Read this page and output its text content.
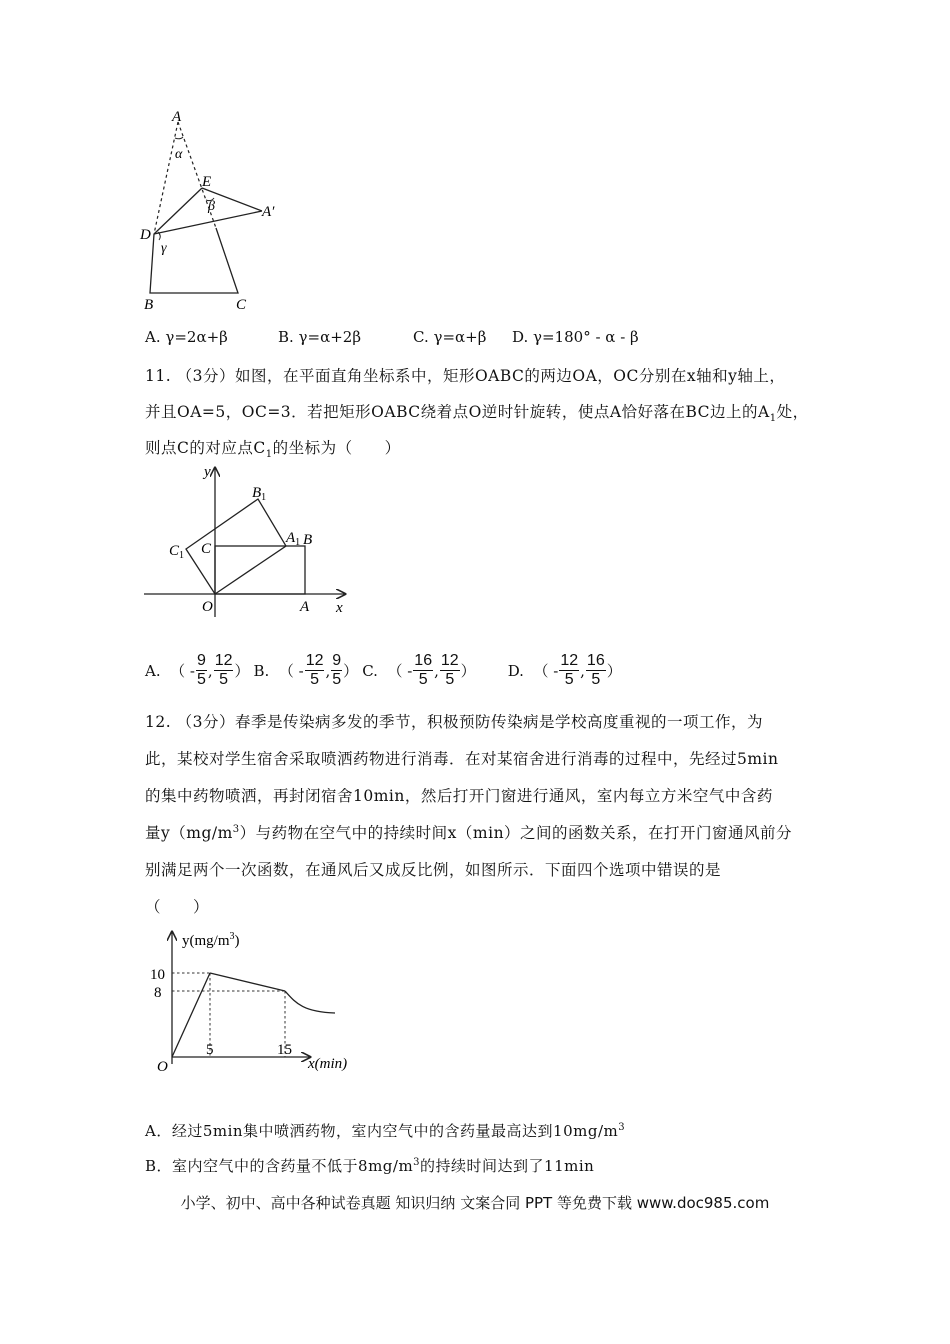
A
α
E
β	A′
D
γ
B	C
A. γ=2α+β	B. γ=α+2β	C. γ=α+β D. γ=180° - α - β
11. （3分）如图，在平面直角坐标系中，矩形OABC的两边OA，OC分别在x轴和y轴上，
并且OA=5，OC=3．若把矩形OABC绕着点O逆时针旋转，使点A恰好落在BC边上的$A_1$处，
则点C的对应点$C_1$的坐标为（　　）
y
x
O	A
C
B
$A_1$
$C_1$
$B_1$
A.
（ - $\frac{9}{5}$ , $\frac{12}{5}$ ） B.
（ - $\frac{12}{5}$ , $\frac{9}{5}$ ） C.
（ - $\frac{16}{5}$ , $\frac{12}{5}$ ） D.
（ - $\frac{12}{5}$ , $\frac{16}{5}$ ）
12. （3分）春季是传染病多发的季节，积极预防传染病是学校高度重视的一项工作，为
此，某校对学生宿舍采取喷洒药物进行消毒．在对某宿舍进行消毒的过程中，先经过5min
的集中药物喷洒，再封闭宿舍10min，然后打开门窗进行通风，室内每立方米空气中含药
量$y(mg/m^3)$与药物在空气中的持续时间x（min）之间的函数关系，在打开门窗通风前分
别满足两个一次函数，在通风后又成反比例，如图所示．下面四个选项中错误的是
（　　）
$y(mg/m^3)$
10
8
O
5	15
x(min)
A．经过5min集中喷洒药物，室内空气中的含药量最高达到$10mg/m^3$
B．室内空气中的含药量不低于$8mg/m^3$的持续时间达到了11min
小学、初中、高中各种试卷真题 知识归纳 文案合同 PPT 等免费下载 www.doc985.com
